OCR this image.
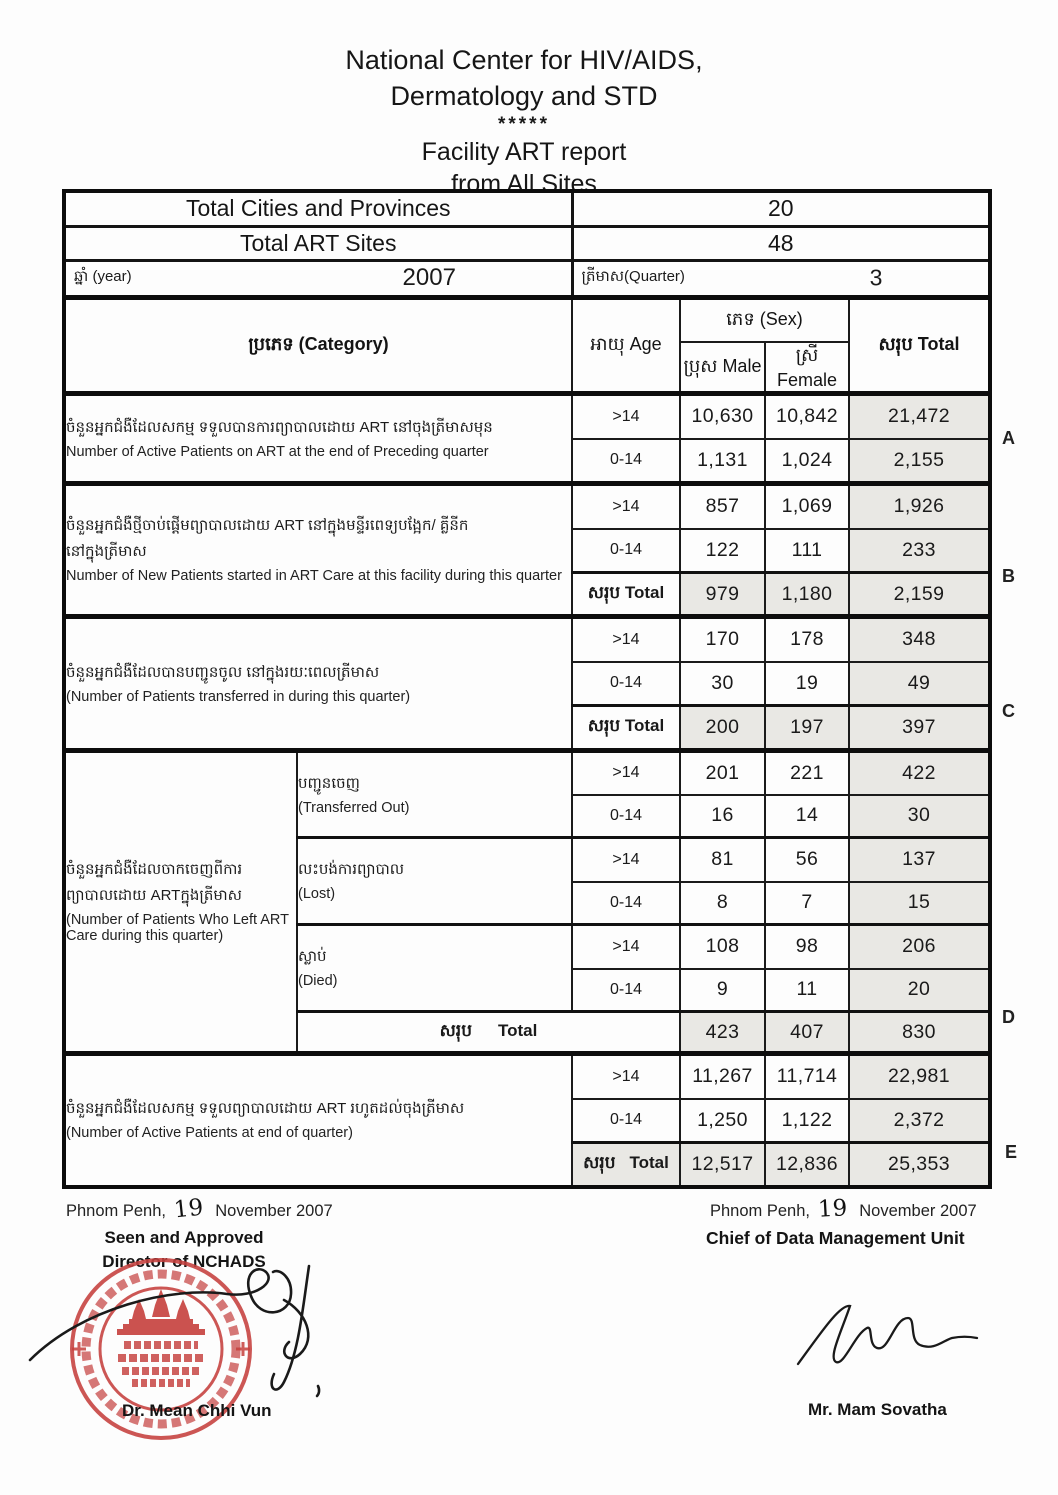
National Center for HIV/AIDS,
Dermatology and STD
*****
Facility ART report
from All Sites
Total Cities and Provinces	20
Total ART Sites	48

ឆ្នាំ (year) 2007	ត្រីមាស(Quarter) 3
ប្រភេទ (Category)		អាយុ Age	ភេទ (Sex)		សរុប Total
			ប្រុស Male	ស្រី Female	

ចំនួនអ្នកជំងឺដែលសកម្ម ទទួលបានការព្យាបាលដោយ ART នៅចុងត្រីមាសមុន
Number of Active Patients on ART at the end of Preceding quarter		>14	10,630	10,842	21,472
		0-14	1,131	1,024	2,155

ចំនួនអ្នកជំងឺថ្មីចាប់ផ្តើមព្យាបាលដោយ ART នៅក្នុងមន្ទីរពេទ្យបង្អែក/ គ្លីនីក
នៅក្នុងត្រីមាស
Number of New Patients started in ART Care at this facility during this quarter		>14	857	1,069	1,926
		0-14	122	111	233
		សរុប Total	979	1,180	2,159

ចំនួនអ្នកជំងឺដែលបានបញ្ជូនចូល នៅក្នុងរយៈពេលត្រីមាស
(Number of Patients transferred in during this quarter)		>14	170	178	348
		0-14	30	19	49
		សរុប Total	200	197	397

ចំនួនអ្នកជំងឺដែលចាកចេញពីការ
ព្យាបាលដោយ ARTក្នុងត្រីមាស
(Number of Patients Who Left ART Care during this quarter)

បញ្ជូនចេញ
(Transferred Out)
	>14	201	221	422
		0-14	16	14	30

	លះបង់ការព្យាបាល
(Lost)	>14	81	56	137
		0-14	8	7	15

	ស្លាប់
(Died)	>14	108	98	206
		0-14	9	11	20
	សរុប Total		423	407	830

ចំនួនអ្នកជំងឺដែលសកម្ម ទទួលព្យាបាលដោយ ART រហូតដល់ចុងត្រីមាស
(Number of Active Patients at end of quarter)		>14	11,267	11,714	22,981
		0-14	1,250	1,122	2,372
		សរុប Total	12,517	12,836	25,353
A
B
C
D
E
Phnom Penh, 19 November 2007
Seen and Approved
Director of NCHADS
Dr. Mean Chhi Vun
Phnom Penh, 19 November 2007
Chief of Data Management Unit
Mr. Mam Sovatha
